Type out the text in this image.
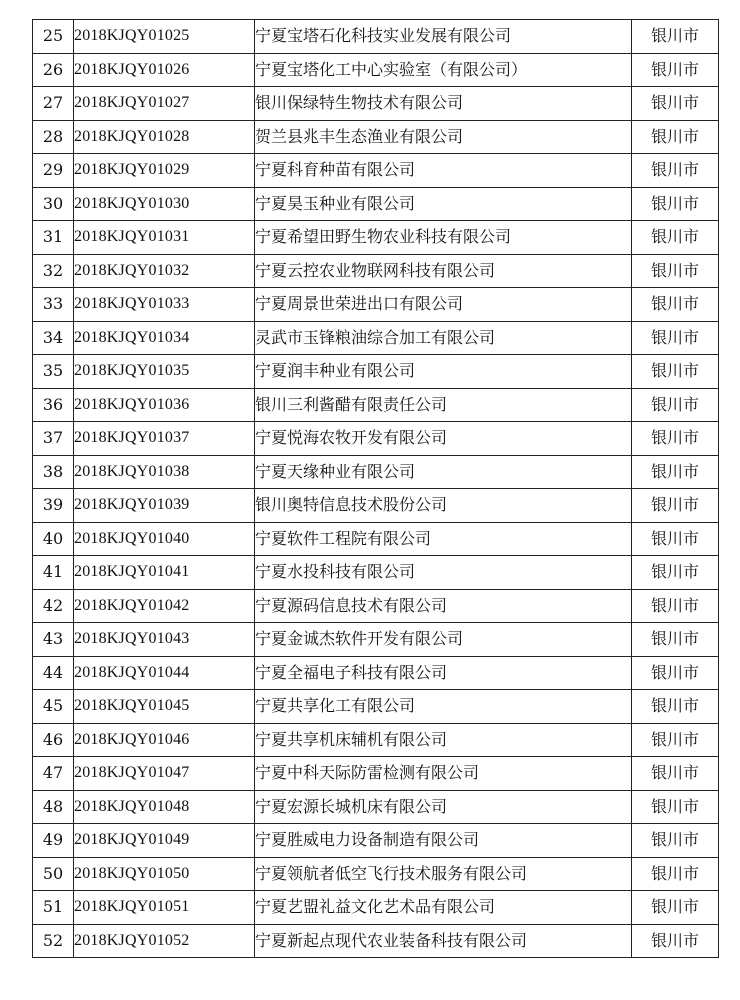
25	2018KJQY01025	宁夏宝塔石化科技实业发展有限公司	银川市
26	2018KJQY01026	宁夏宝塔化工中心实验室（有限公司）	银川市
27	2018KJQY01027	银川保绿特生物技术有限公司	银川市
28	2018KJQY01028	贺兰县兆丰生态渔业有限公司	银川市
29	2018KJQY01029	宁夏科育种苗有限公司	银川市
30	2018KJQY01030	宁夏昊玉种业有限公司	银川市
31	2018KJQY01031	宁夏希望田野生物农业科技有限公司	银川市
32	2018KJQY01032	宁夏云控农业物联网科技有限公司	银川市
33	2018KJQY01033	宁夏周景世荣进出口有限公司	银川市
34	2018KJQY01034	灵武市玉锋粮油综合加工有限公司	银川市
35	2018KJQY01035	宁夏润丰种业有限公司	银川市
36	2018KJQY01036	银川三利酱醋有限责任公司	银川市
37	2018KJQY01037	宁夏悦海农牧开发有限公司	银川市
38	2018KJQY01038	宁夏天缘种业有限公司	银川市
39	2018KJQY01039	银川奥特信息技术股份公司	银川市
40	2018KJQY01040	宁夏软件工程院有限公司	银川市
41	2018KJQY01041	宁夏水投科技有限公司	银川市
42	2018KJQY01042	宁夏源码信息技术有限公司	银川市
43	2018KJQY01043	宁夏金诚杰软件开发有限公司	银川市
44	2018KJQY01044	宁夏全福电子科技有限公司	银川市
45	2018KJQY01045	宁夏共享化工有限公司	银川市
46	2018KJQY01046	宁夏共享机床辅机有限公司	银川市
47	2018KJQY01047	宁夏中科天际防雷检测有限公司	银川市
48	2018KJQY01048	宁夏宏源长城机床有限公司	银川市
49	2018KJQY01049	宁夏胜威电力设备制造有限公司	银川市
50	2018KJQY01050	宁夏领航者低空飞行技术服务有限公司	银川市
51	2018KJQY01051	宁夏艺盟礼益文化艺术品有限公司	银川市
52	2018KJQY01052	宁夏新起点现代农业装备科技有限公司	银川市
